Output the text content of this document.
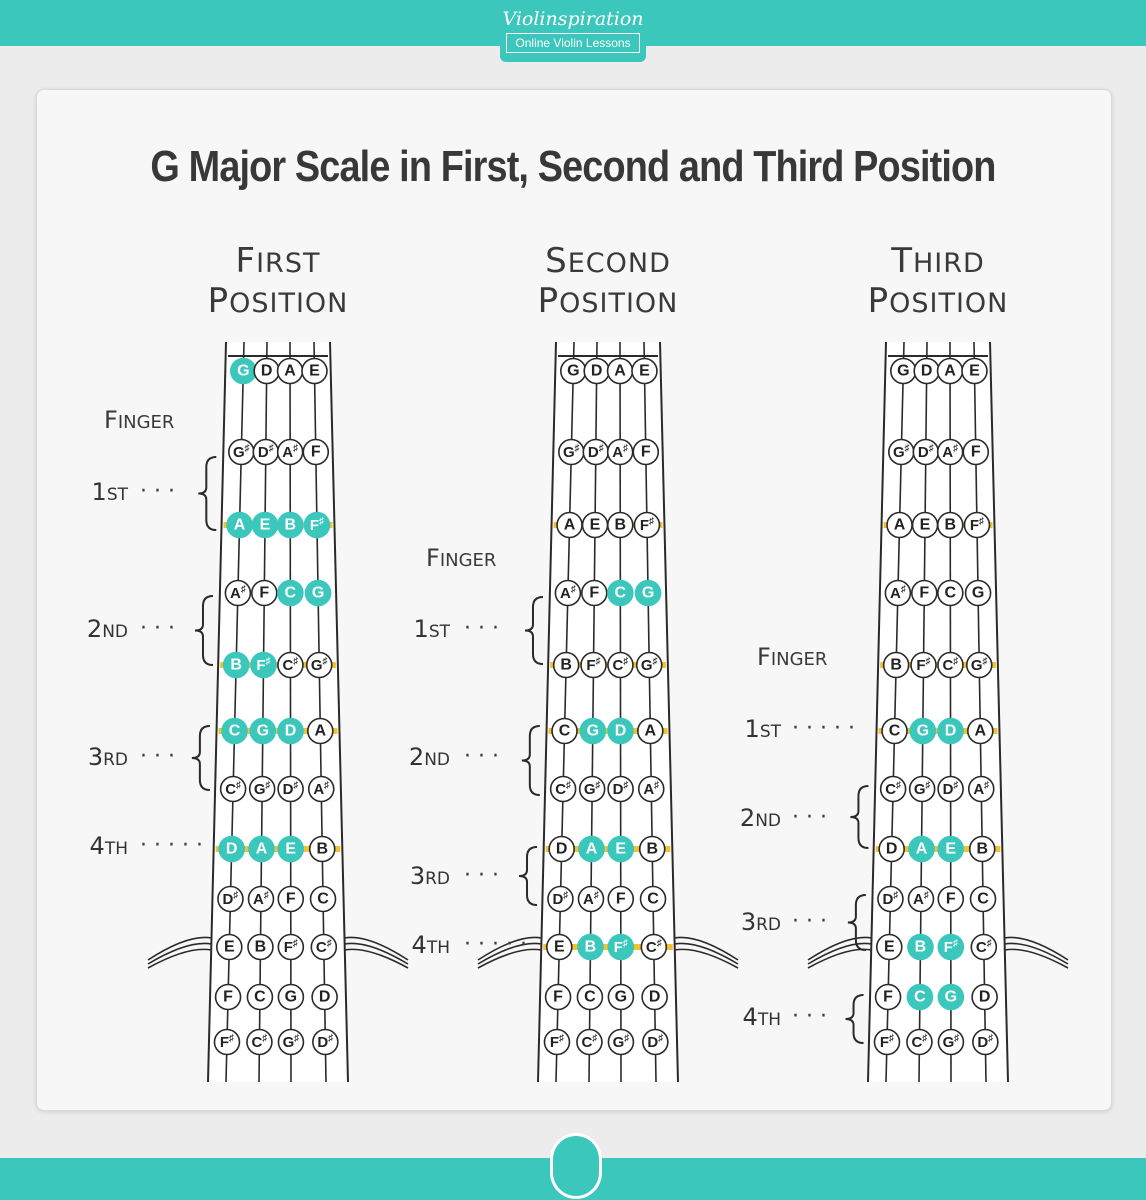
Violinspiration
Online Violin Lessons
G Major Scale in First, Second and Third Position
FIRST
POSITION
G D A E
G♯ D♯ A♯ F
A E B F♯
A♯ F C G
B F♯ C♯ G♯
C G D A
C♯ G♯ D♯ A♯
D A E B
D♯ A♯ F C
E B F♯ C♯
F C G D
F♯ C♯ G♯ D♯
FINGER
1ST · · ·
2ND · · ·
3RD · · ·
4TH · · · · ·
SECOND
POSITION
G D A E
G♯ D♯ A♯ F
A E B F♯
A♯ F C G
B F♯ C♯ G♯
C G D A
C♯ G♯ D♯ A♯
D A E B
D♯ A♯ F C
E B F♯ C♯
F C G D
F♯ C♯ G♯ D♯
FINGER
1ST · · ·
2ND · · ·
3RD · · ·
4TH · · · · ·
THIRD
POSITION
G D A E
G♯ D♯ A♯ F
A E B F♯
A♯ F C G
B F♯ C♯ G♯
C G D A
C♯ G♯ D♯ A♯
D A E B
D♯ A♯ F C
E B F♯ C♯
F C G D
F♯ C♯ G♯ D♯
FINGER
1ST · · · · ·
2ND · · ·
3RD · · ·
4TH · · ·
